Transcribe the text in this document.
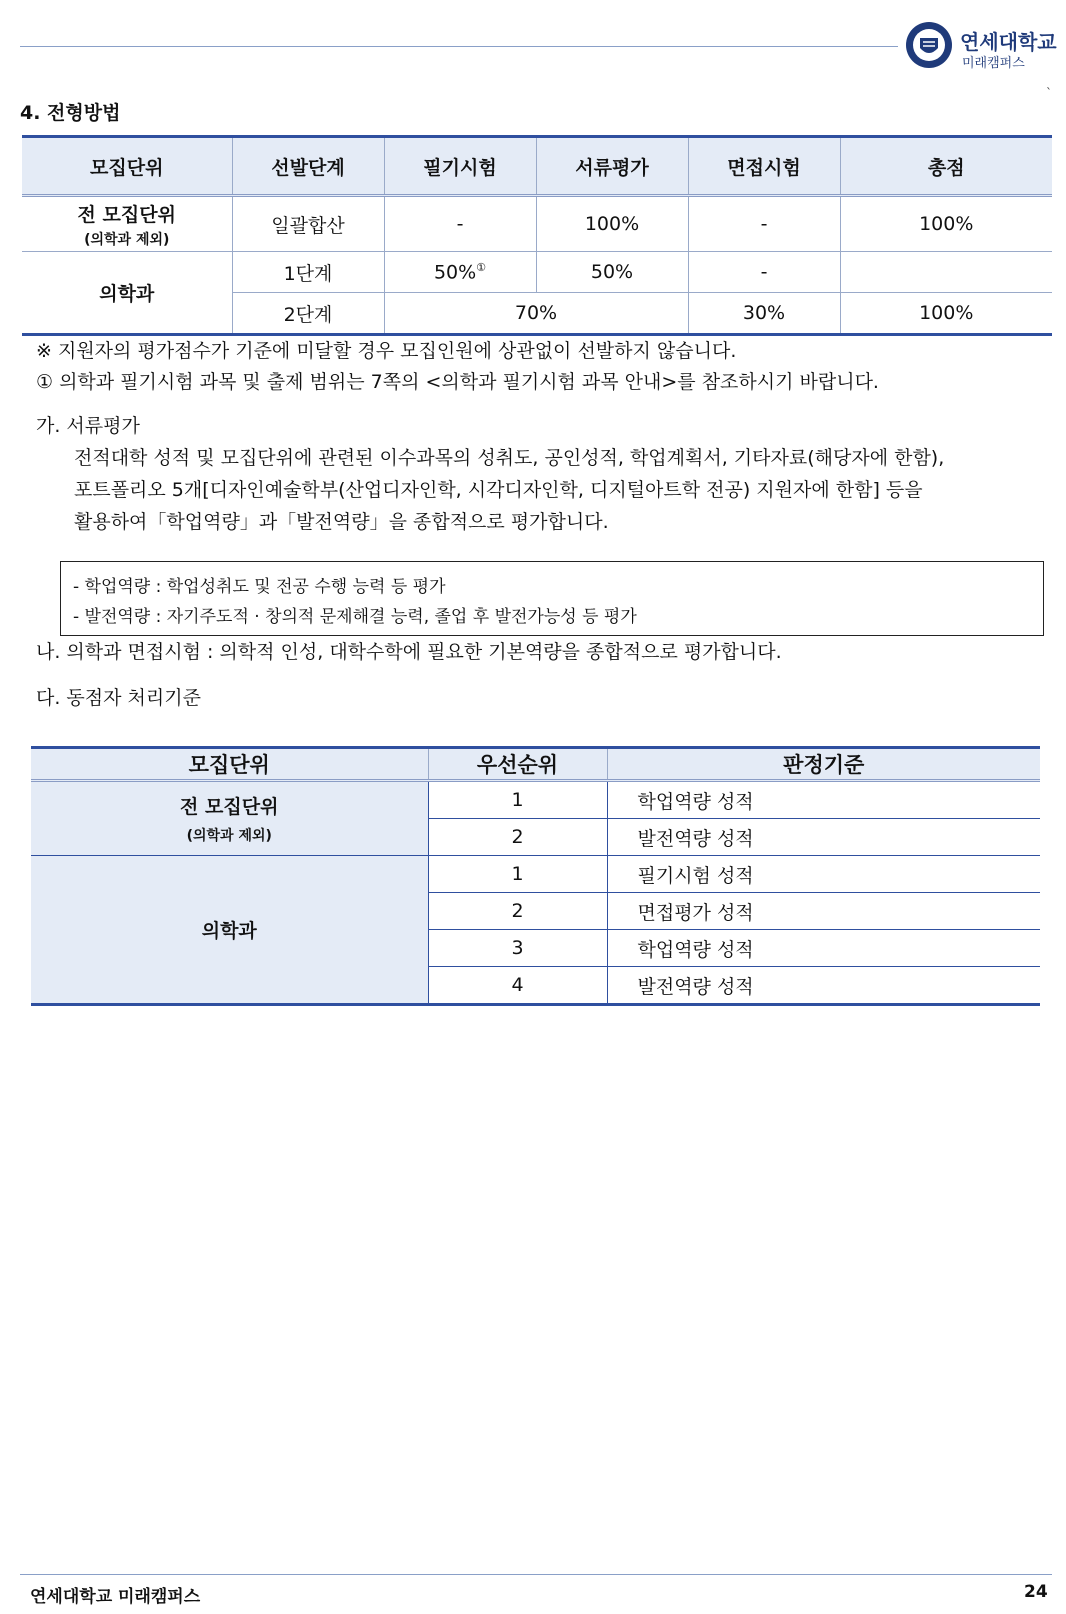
연세대학교
미래캠퍼스
`
4. 전형방법
모집단위	선발단계	필기시험	서류평가	면접시험	총점

전 모집단위
(의학과 제외)	일괄합산	-	100%	-	100%

의학과	1단계	50%①	50%	-	
	2단계	70%		30%	100%
※ 지원자의 평가점수가 기준에 미달할 경우 모집인원에 상관없이 선발하지 않습니다.
① 의학과 필기시험 과목 및 출제 범위는 7쪽의 <의학과 필기시험 과목 안내>를 참조하시기 바랍니다.
가. 서류평가
전적대학 성적 및 모집단위에 관련된 이수과목의 성취도, 공인성적, 학업계획서, 기타자료(해당자에 한함),
포트폴리오 5개[디자인예술학부(산업디자인학, 시각디자인학, 디지털아트학 전공) 지원자에 한함] 등을
활용하여「학업역량」과「발전역량」을 종합적으로 평가합니다.
- 학업역량 : 학업성취도 및 전공 수행 능력 등 평가
- 발전역량 : 자기주도적 · 창의적 문제해결 능력, 졸업 후 발전가능성 등 평가
나. 의학과 면접시험 : 의학적 인성, 대학수학에 필요한 기본역량을 종합적으로 평가합니다.
다. 동점자 처리기준
모집단위	우선순위	판정기준

전 모집단위
(의학과 제외)	1	학업역량 성적
	2	발전역량 성적

의학과	1	필기시험 성적
	2	면접평가 성적
	3	학업역량 성적
	4	발전역량 성적
연세대학교 미래캠퍼스	24
